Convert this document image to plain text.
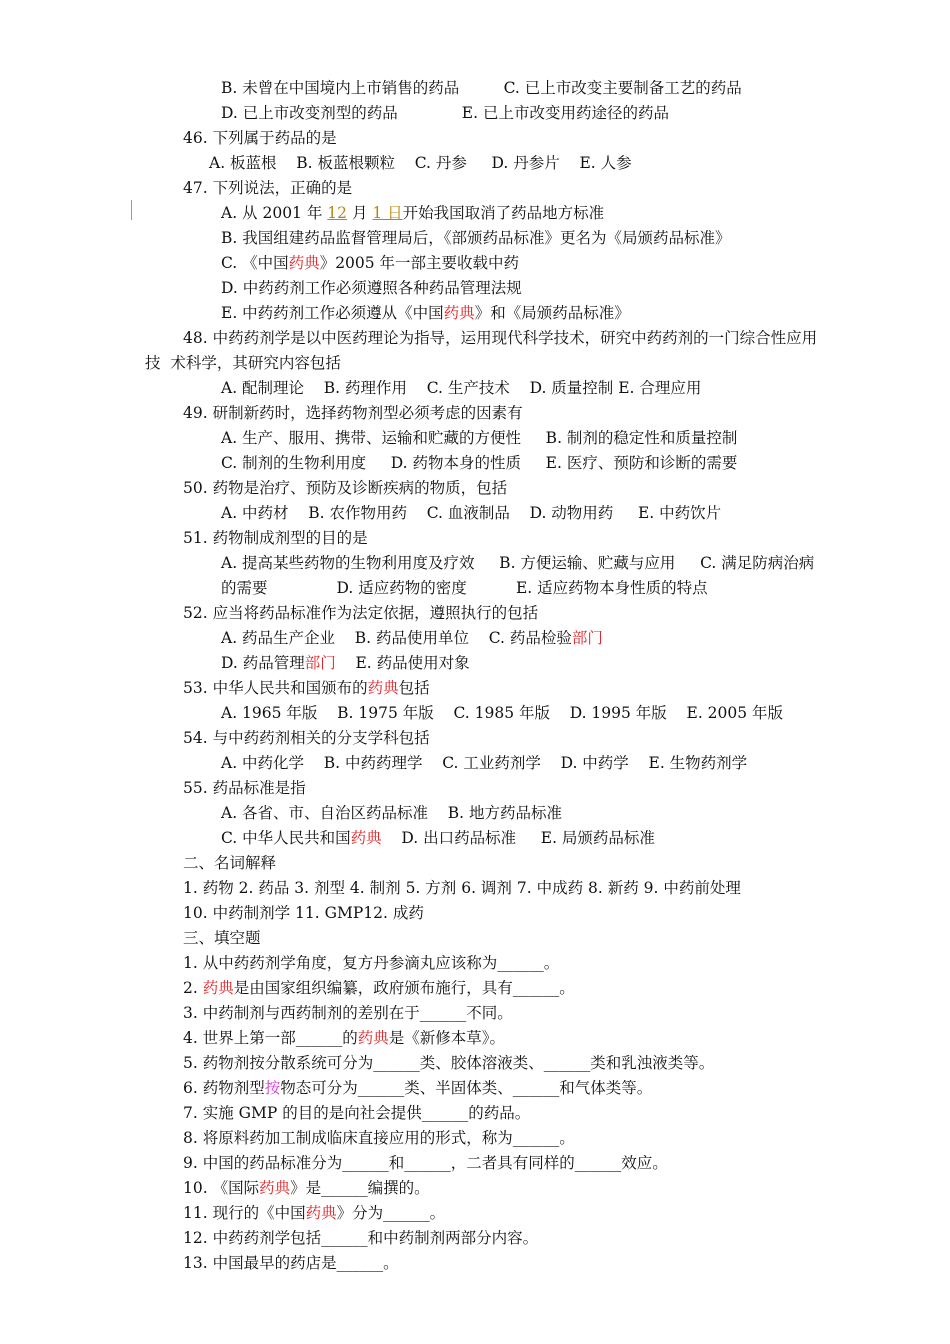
B. 未曾在中国境内上市销售的药品         C. 已上市改变主要制备工艺的药品
D. 已上市改变剂型的药品             E. 已上市改变用药途径的药品
46. 下列属于药品的是
A. 板蓝根    B. 板蓝根颗粒    C. 丹参     D. 丹参片    E. 人参
47. 下列说法，正确的是
A. 从 2001 年 12 月 1 日开始我国取消了药品地方标准
B. 我国组建药品监督管理局后，《部颁药品标准》更名为《局颁药品标准》
C. 《中国药典》2005 年一部主要收载中药
D. 中药药剂工作必须遵照各种药品管理法规
E. 中药药剂工作必须遵从《中国药典》和《局颁药品标准》
48. 中药药剂学是以中医药理论为指导，运用现代科学技术，研究中药药剂的一门综合性应用
技  术科学，其研究内容包括
A. 配制理论    B. 药理作用    C. 生产技术    D. 质量控制 E. 合理应用
49. 研制新药时，选择药物剂型必须考虑的因素有
A. 生产、服用、携带、运输和贮藏的方便性     B. 制剂的稳定性和质量控制
C. 制剂的生物利用度     D. 药物本身的性质     E. 医疗、预防和诊断的需要
50. 药物是治疗、预防及诊断疾病的物质，包括
A. 中药材    B. 农作物用药    C. 血液制品    D. 动物用药     E. 中药饮片
51. 药物制成剂型的目的是
A. 提高某些药物的生物利用度及疗效     B. 方便运输、贮藏与应用     C. 满足防病治病
的需要              D. 适应药物的密度          E. 适应药物本身性质的特点
52. 应当将药品标准作为法定依据，遵照执行的包括
A. 药品生产企业    B. 药品使用单位    C. 药品检验部门
D. 药品管理部门    E. 药品使用对象
53. 中华人民共和国颁布的药典包括
A. 1965 年版    B. 1975 年版    C. 1985 年版    D. 1995 年版    E. 2005 年版
54. 与中药药剂相关的分支学科包括
A. 中药化学    B. 中药药理学    C. 工业药剂学    D. 中药学    E. 生物药剂学
55. 药品标准是指
A. 各省、市、自治区药品标准    B. 地方药品标准
C. 中华人民共和国药典    D. 出口药品标准     E. 局颁药品标准
二、名词解释
1. 药物 2. 药品 3. 剂型 4. 制剂 5. 方剂 6. 调剂 7. 中成药 8. 新药 9. 中药前处理
10. 中药制剂学 11. GMP12. 成药
三、填空题
1. 从中药药剂学角度，复方丹参滴丸应该称为______。
2. 药典是由国家组织编纂，政府颁布施行，具有______。
3. 中药制剂与西药制剂的差别在于______不同。
4. 世界上第一部______的药典是《新修本草》。
5. 药物剂按分散系统可分为______类、胶体溶液类、______类和乳浊液类等。
6. 药物剂型按物态可分为______类、半固体类、______和气体类等。
7. 实施 GMP 的目的是向社会提供______的药品。
8. 将原料药加工制成临床直接应用的形式，称为______。
9. 中国的药品标准分为______和______，二者具有同样的______效应。
10. 《国际药典》是______编撰的。
11. 现行的《中国药典》分为______。
12. 中药药剂学包括______和中药制剂两部分内容。
13. 中国最早的药店是______。
